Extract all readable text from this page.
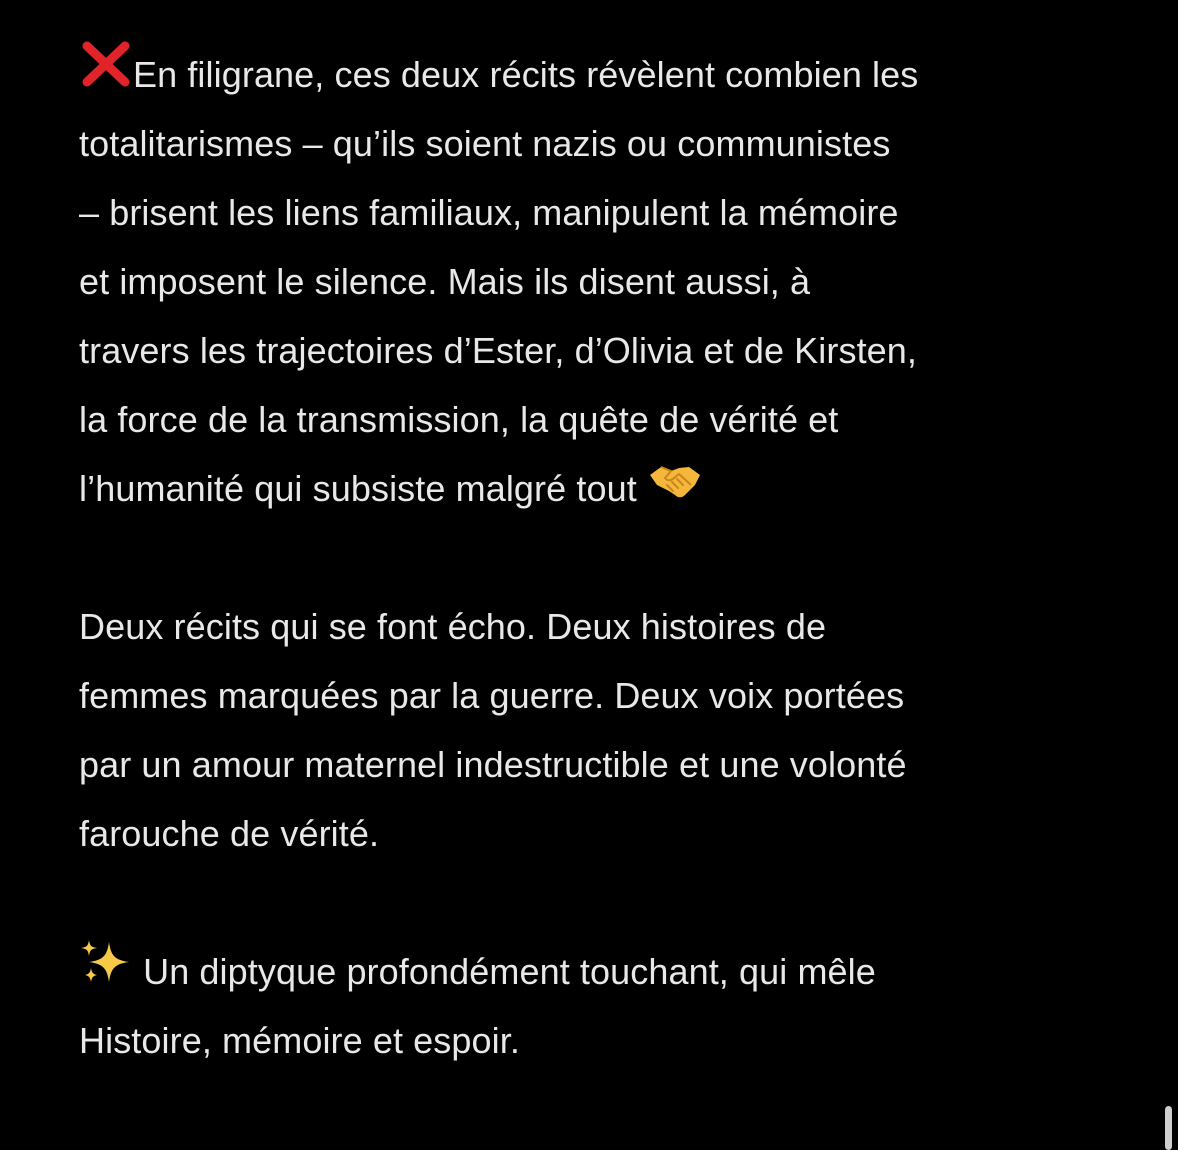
En filigrane, ces deux récits révèlent combien les
totalitarismes – qu’ils soient nazis ou communistes
– brisent les liens familiaux, manipulent la mémoire
et imposent le silence. Mais ils disent aussi, à
travers les trajectoires d’Ester, d’Olivia et de Kirsten,
la force de la transmission, la quête de vérité et
l’humanité qui subsiste malgré tout
Deux récits qui se font écho. Deux histoires de
femmes marquées par la guerre. Deux voix portées
par un amour maternel indestructible et une volonté
farouche de vérité.
Un diptyque profondément touchant, qui mêle
Histoire, mémoire et espoir.
